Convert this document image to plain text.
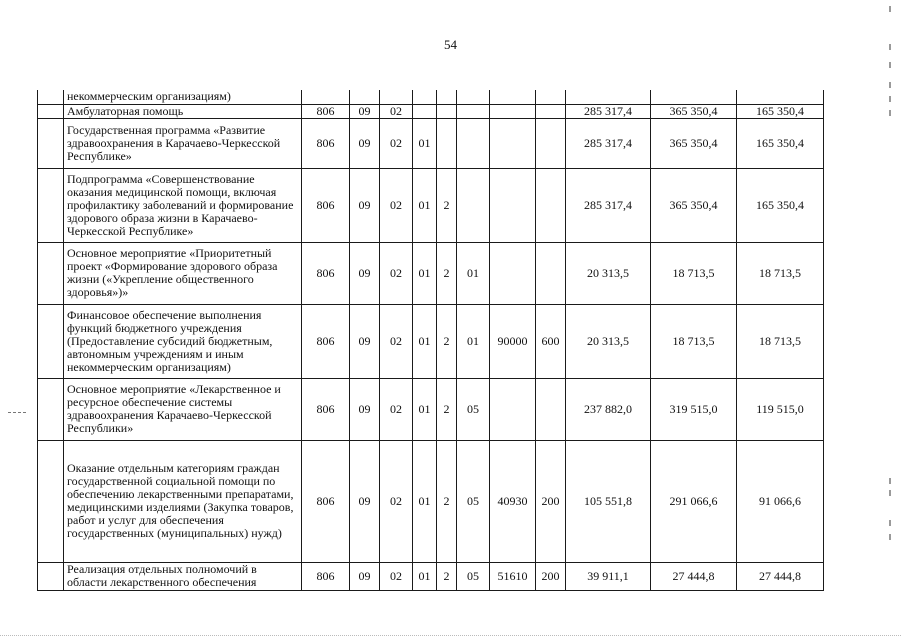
54
	некоммерческим организациям)											
	Амбулаторная помощь	806	09	02						285 317,4	365 350,4	165 350,4
	Государственная программа «Развитие здравоохранения в Карачаево-Черкесской Республике»	806	09	02	01					285 317,4	365 350,4	165 350,4
	Подпрограмма «Совершенствование оказания медицинской помощи, включая профилактику заболеваний и формирование здорового образа жизни в Карачаево-Черкесской Республике»	806	09	02	01	2				285 317,4	365 350,4	165 350,4
	Основное мероприятие «Приоритетный проект «Формирование здорового образа жизни («Укрепление общественного здоровья»)»	806	09	02	01	2	01			20 313,5	18 713,5	18 713,5
	Финансовое обеспечение выполнения функций бюджетного учреждения (Предоставление субсидий бюджетным, автономным учреждениям и иным некоммерческим организациям)	806	09	02	01	2	01	90000	600	20 313,5	18 713,5	18 713,5
	Основное мероприятие «Лекарственное и ресурсное обеспечение системы здравоохранения Карачаево-Черкесской Республики»	806	09	02	01	2	05			237 882,0	319 515,0	119 515,0
	Оказание отдельным категориям граждан государственной социальной помощи по обеспечению лекарственными препаратами, медицинскими изделиями (Закупка товаров, работ и услуг для обеспечения государственных (муниципальных) нужд)	806	09	02	01	2	05	40930	200	105 551,8	291 066,6	91 066,6
	Реализация отдельных полномочий в области лекарственного обеспечения	806	09	02	01	2	05	51610	200	39 911,1	27 444,8	27 444,8
